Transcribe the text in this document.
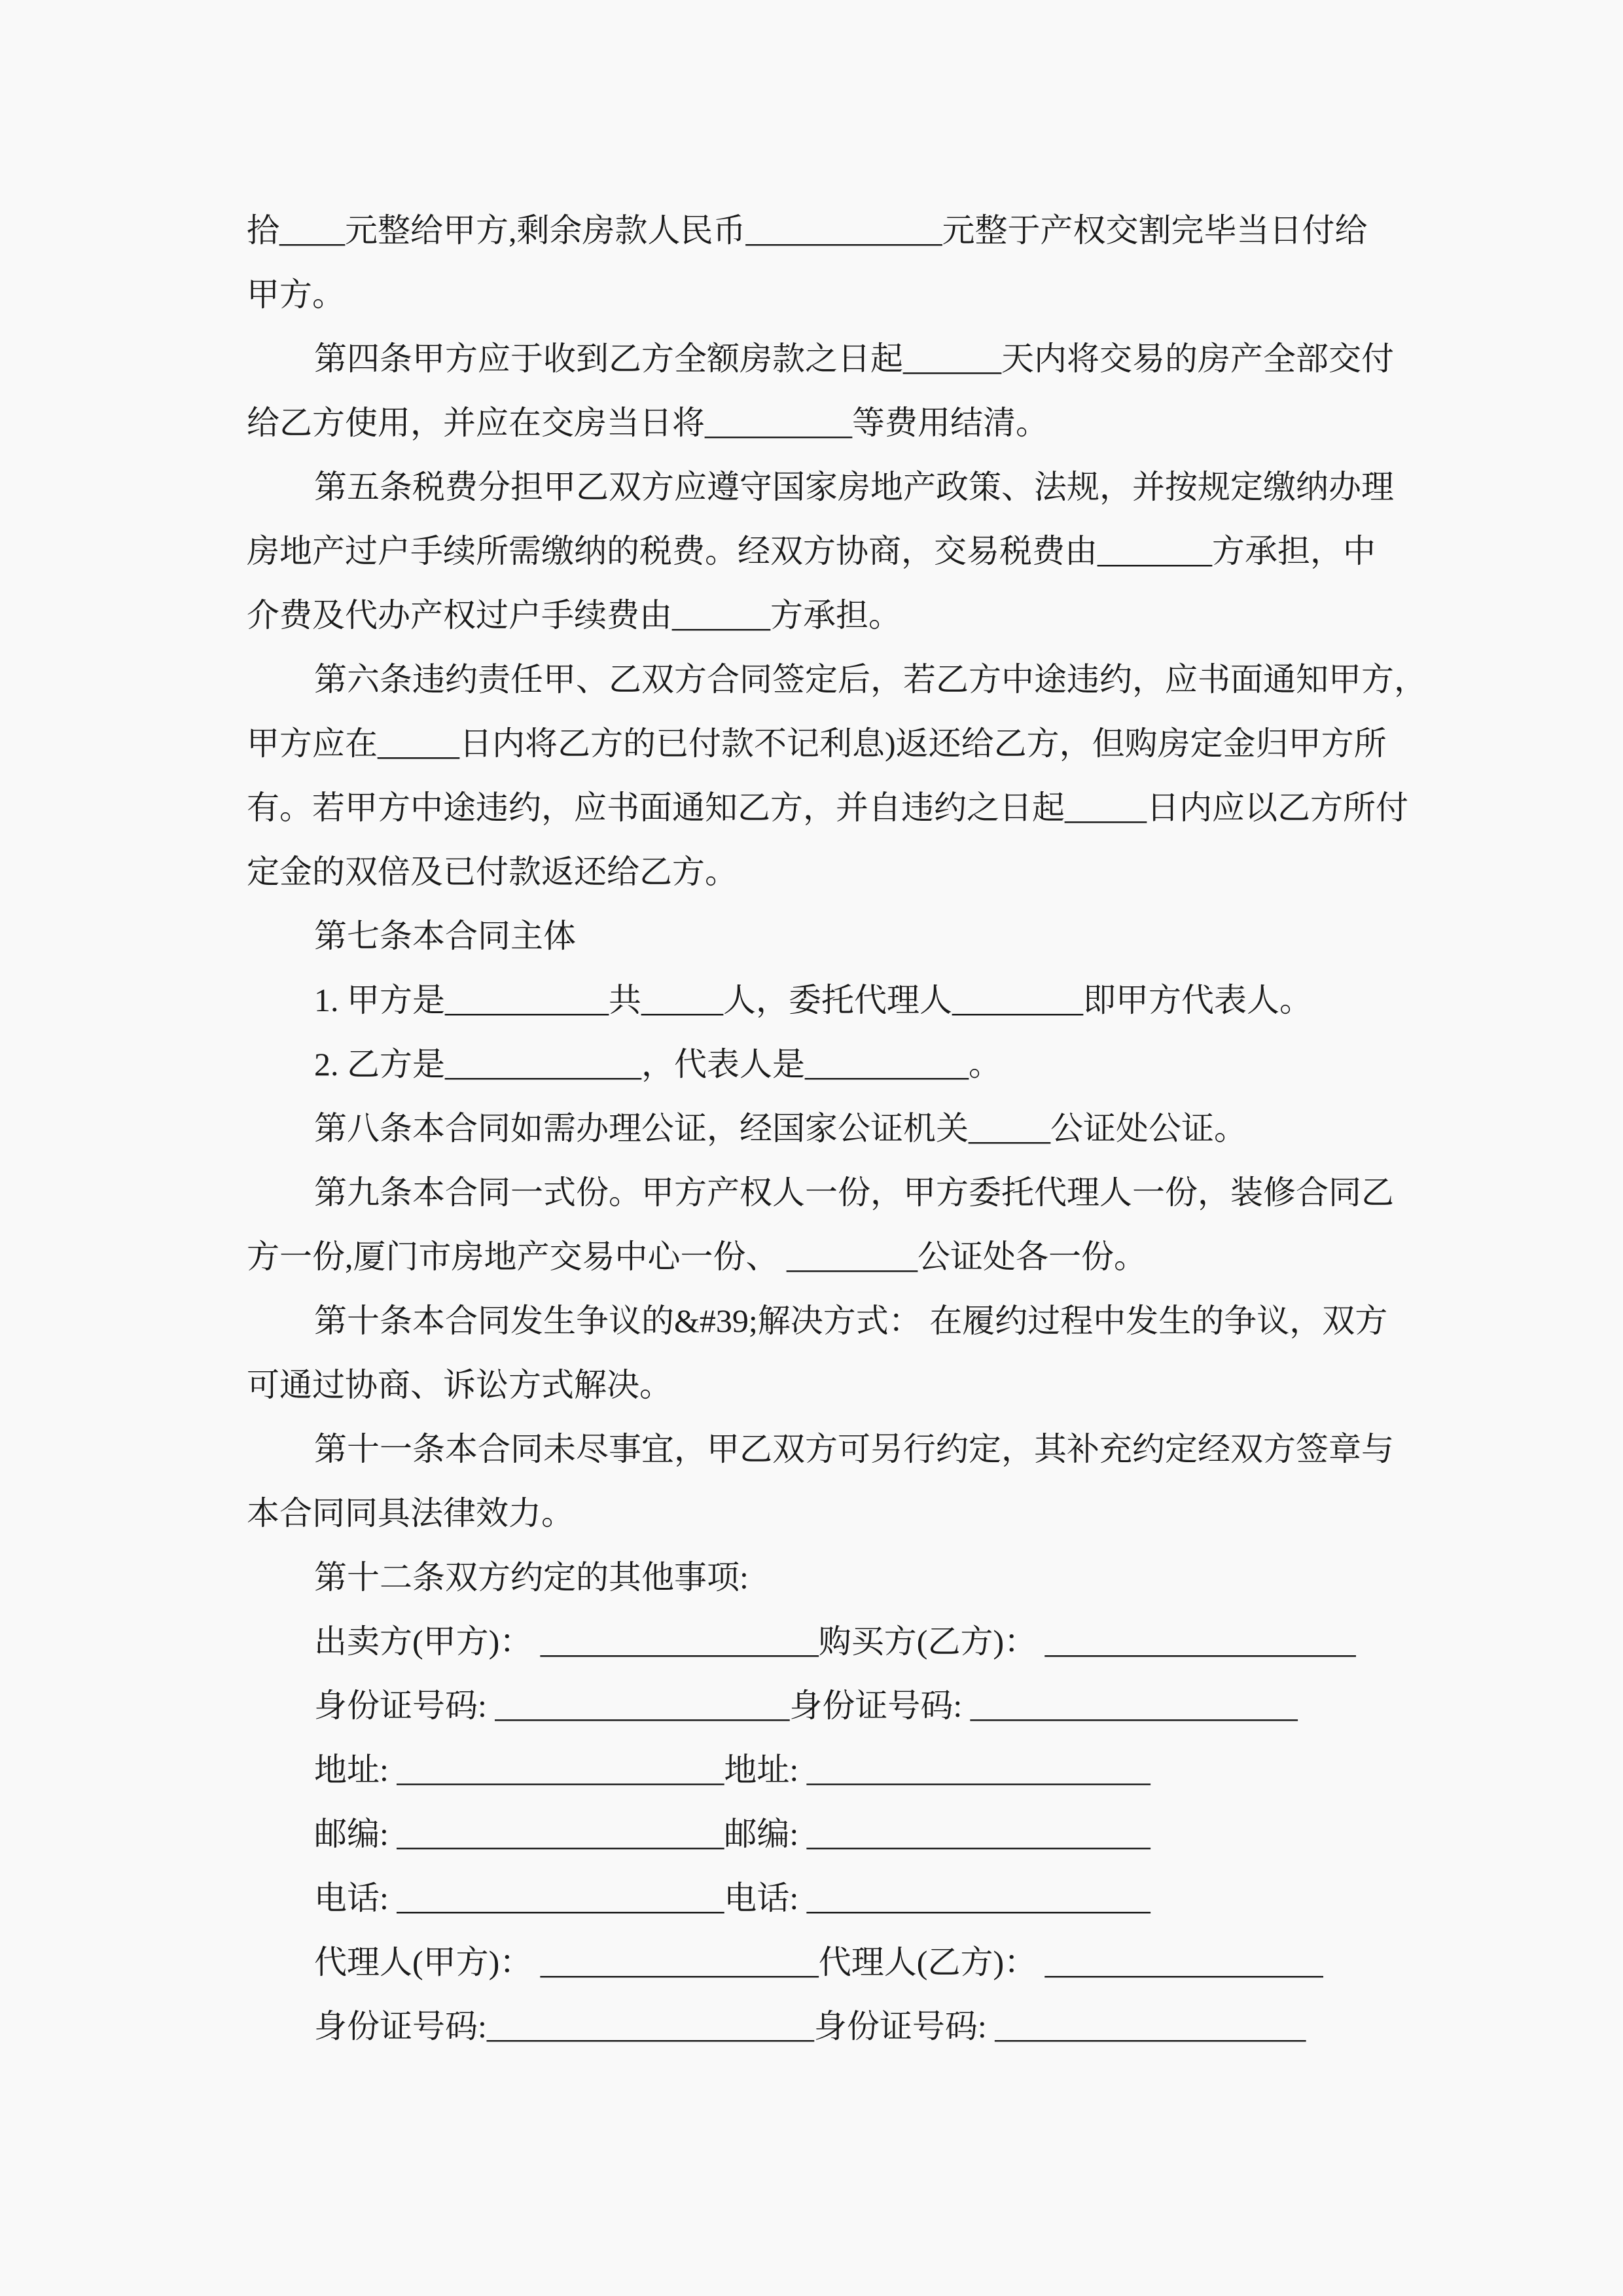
拾____元整给甲方,剩余房款人民币____________元整于产权交割完毕当日付给
甲方。
第四条甲方应于收到乙方全额房款之日起______天内将交易的房产全部交付
给乙方使用，并应在交房当日将_________等费用结清。
第五条税费分担甲乙双方应遵守国家房地产政策、法规，并按规定缴纳办理
房地产过户手续所需缴纳的税费。经双方协商，交易税费由_______方承担，中
介费及代办产权过户手续费由______方承担。
第六条违约责任甲、乙双方合同签定后，若乙方中途违约，应书面通知甲方，
甲方应在_____日内将乙方的已付款不记利息)返还给乙方，但购房定金归甲方所
有。若甲方中途违约，应书面通知乙方，并自违约之日起_____日内应以乙方所付
定金的双倍及已付款返还给乙方。
第七条本合同主体
1. 甲方是__________共_____人，委托代理人________即甲方代表人。
2. 乙方是____________，代表人是__________。
第八条本合同如需办理公证，经国家公证机关_____公证处公证。
第九条本合同一式份。甲方产权人一份，甲方委托代理人一份，装修合同乙
方一份,厦门市房地产交易中心一份、 ________公证处各一份。
第十条本合同发生争议的&#39;解决方式： 在履约过程中发生的争议，双方
可通过协商、诉讼方式解决。
第十一条本合同未尽事宜，甲乙双方可另行约定，其补充约定经双方签章与
本合同同具法律效力。
第十二条双方约定的其他事项:
出卖方(甲方)： _________________购买方(乙方)： ___________________
身份证号码: __________________身份证号码: ____________________
地址: ____________________地址: _____________________
邮编: ____________________邮编: _____________________
电话: ____________________电话: _____________________
代理人(甲方)： _________________代理人(乙方)： _________________
身份证号码:____________________身份证号码: ___________________
